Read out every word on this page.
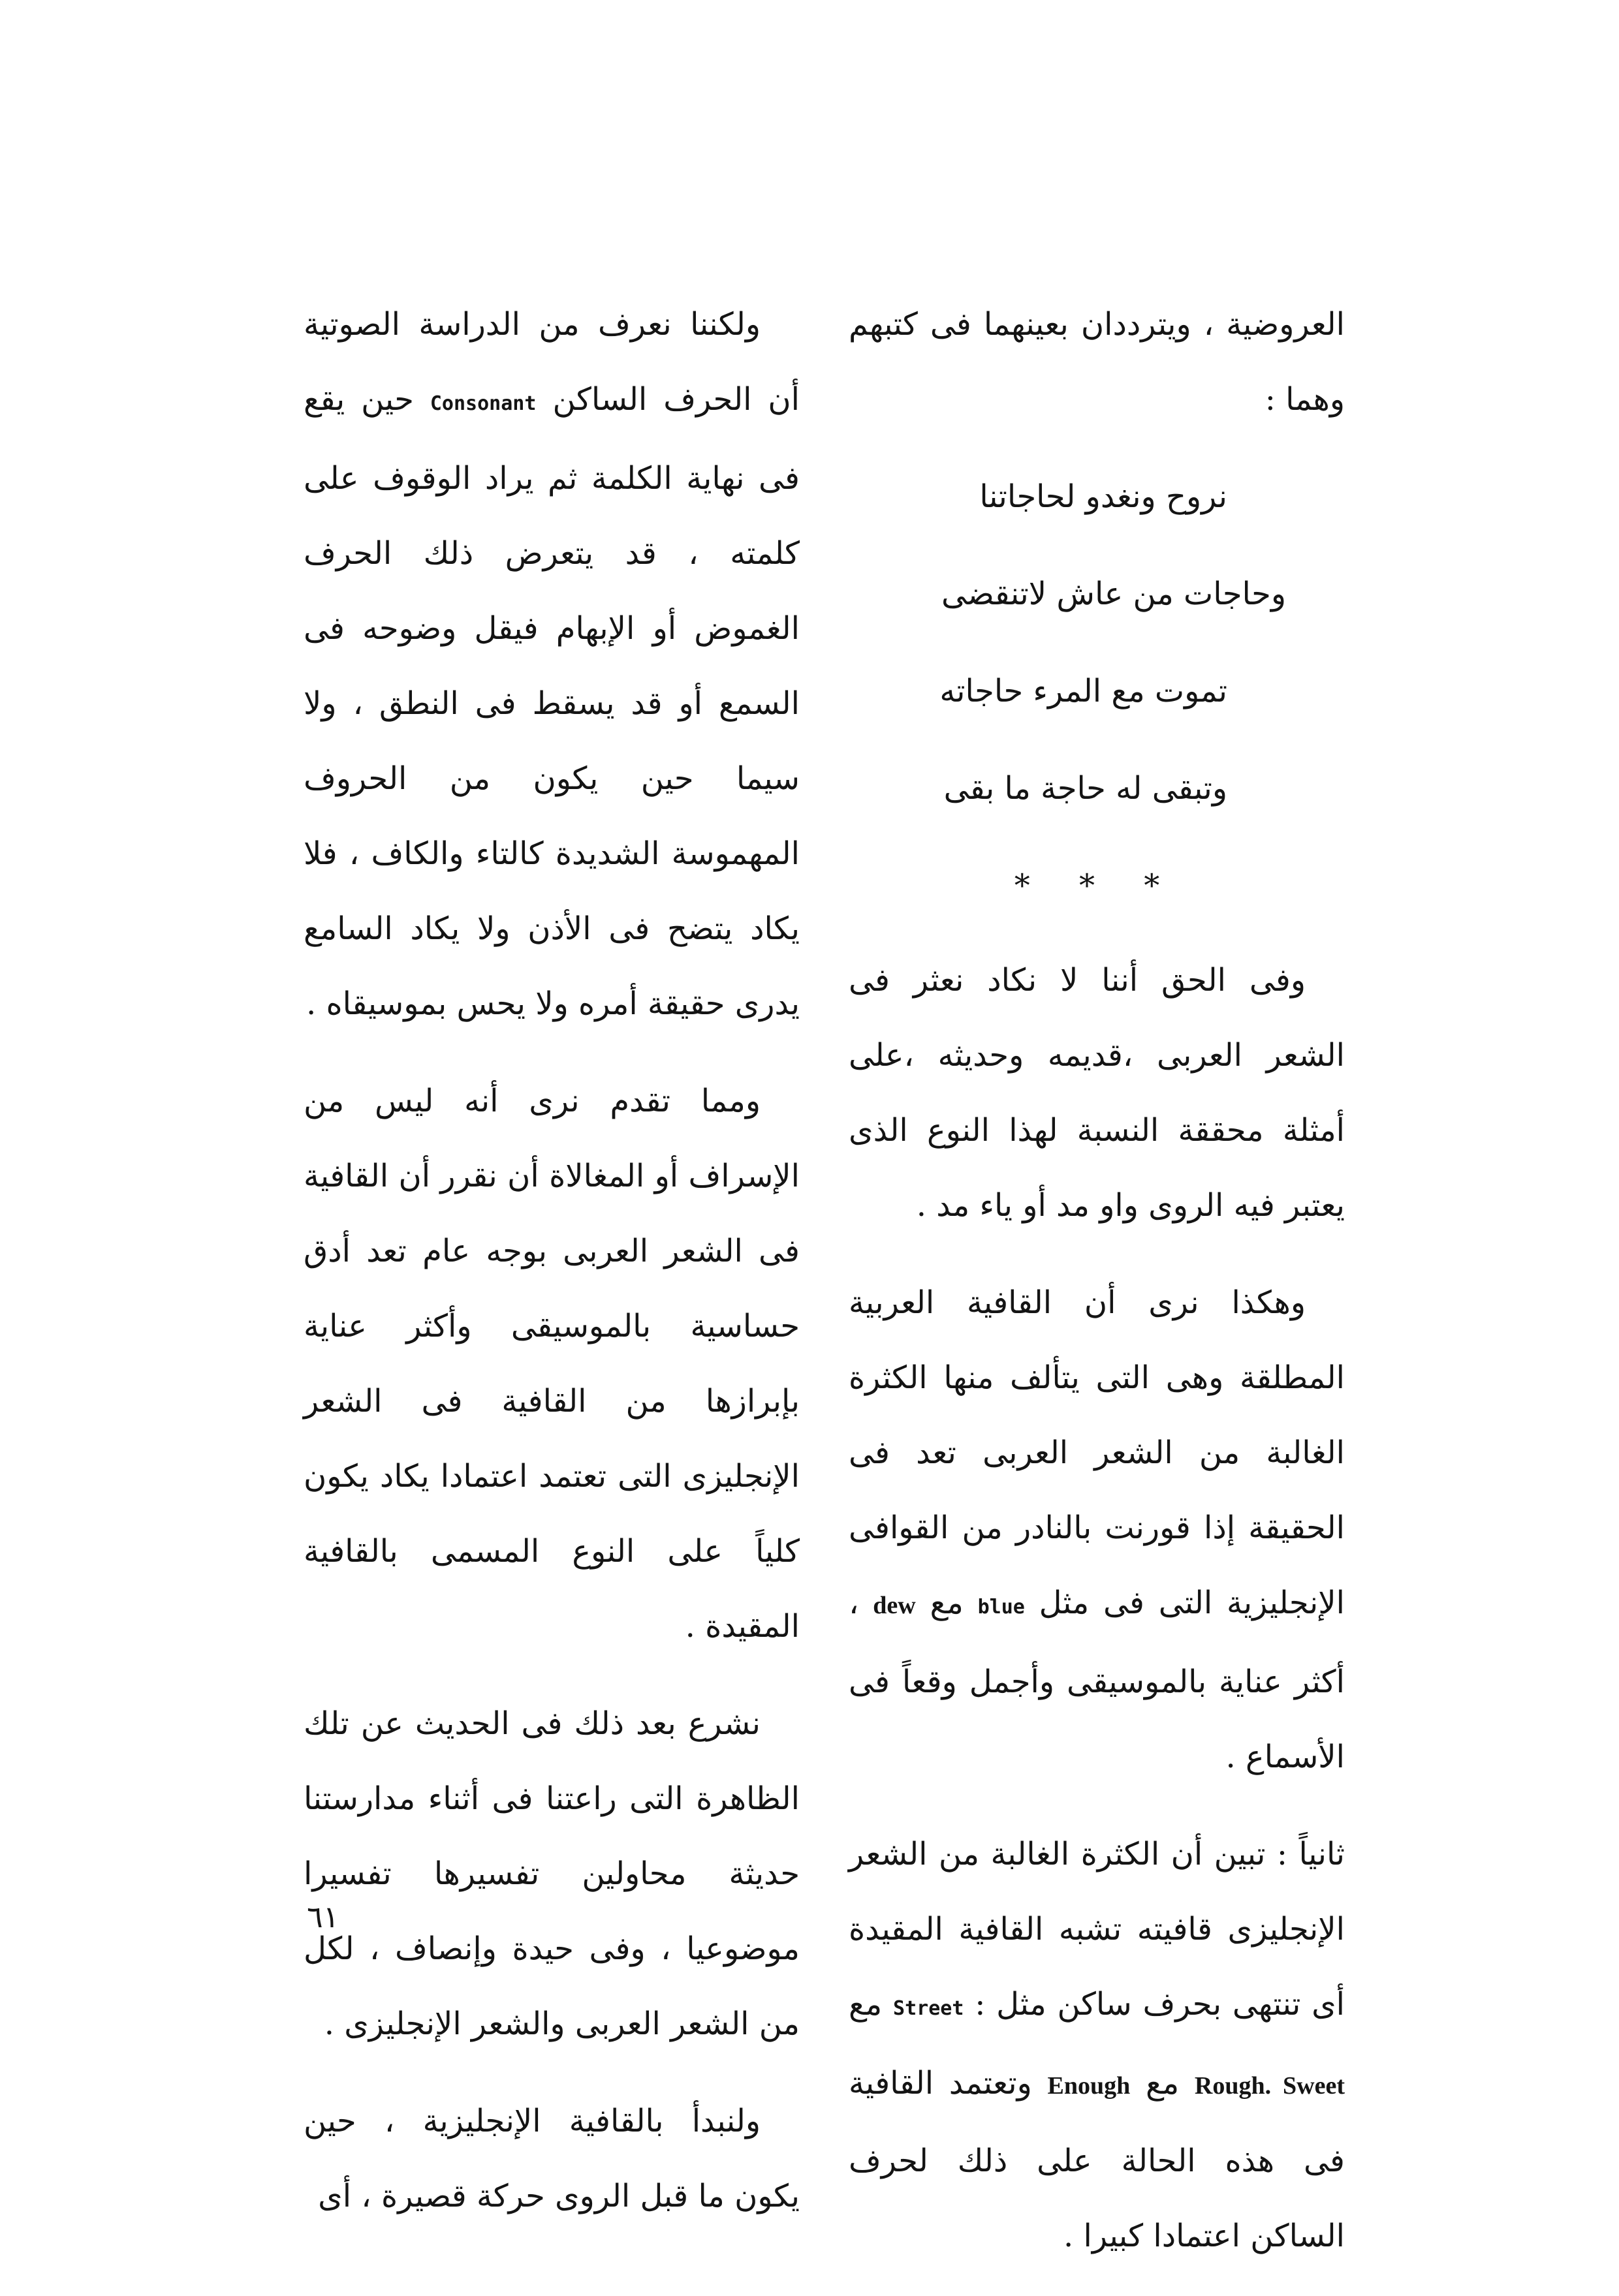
العروضية ، ويترددان بعينهما فى كتبهم وهما :

نروح ونغدو لحاجاتنا

وحاجات من عاش لاتنقضى

تموت مع المرء حاجاته

وتبقى له حاجة ما بقى

* * *

وفى الحق أننا لا نكاد نعثر فى الشعر العربى ،قديمه وحديثه ،على أمثلة محققة النسبة لهذا النوع الذى يعتبر فيه الروى واو مد أو ياء مد .

وهكذا نرى أن القافية العربية المطلقة وهى التى يتألف منها الكثرة الغالبة من الشعر العربى تعد فى الحقيقة إذا قورنت بالنادر من القوافى الإنجليزية التى فى مثل blue مع dew ، أكثر عناية بالموسيقى وأجمل وقعاً فى الأسماع .

ثانياً : تبين أن الكثرة الغالبة من الشعر الإنجليزى قافيته تشبه القافية المقيدة أى تنتهى بحرف ساكن مثل : Street مع Rough. Sweet مع Enough وتعتمد القافية فى هذه الحالة على ذلك لحرف الساكن اعتمادا كبيرا .

ولكننا نعرف من الدراسة الصوتية أن الحرف الساكن Consonant حين يقع فى نهاية الكلمة ثم يراد الوقوف على كلمته ، قد يتعرض ذلك الحرف الغموض أو الإبهام فيقل وضوحه فى السمع أو قد يسقط فى النطق ، ولا سيما حين يكون من الحروف المهموسة الشديدة كالتاء والكاف ، فلا يكاد يتضح فى الأذن ولا يكاد السامع يدرى حقيقة أمره ولا يحس بموسيقاه .

ومما تقدم نرى أنه ليس من الإسراف أو المغالاة أن نقرر أن القافية فى الشعر العربى بوجه عام تعد أدق حساسية بالموسيقى وأكثر عناية بإبرازها من القافية فى الشعر الإنجليزى التى تعتمد اعتمادا يكاد يكون كلياً على النوع المسمى بالقافية المقيدة .

نشرع بعد ذلك فى الحديث عن تلك الظاهرة التى راعتنا فى أثناء مدارستنا حديثة محاولين تفسيرها تفسيرا موضوعيا ، وفى حيدة وإنصاف ، لكل من الشعر العربى والشعر الإنجليزى .

ولنبدأ بالقافية الإنجليزية ، حين يكون ما قبل الروى حركة قصيرة ، أى

٦١
